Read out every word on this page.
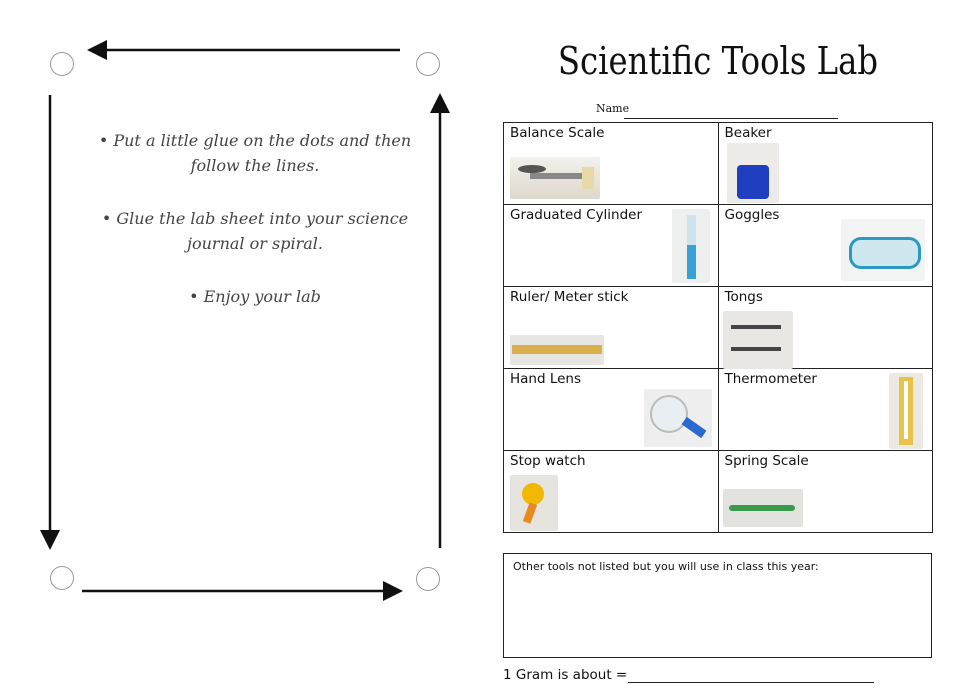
• Put a little glue on the dots and then follow the lines.
• Glue the lab sheet into your science journal or spiral.
• Enjoy your lab
Scientific Tools Lab
Name
Balance Scale	Beaker

Graduated Cylinder	Goggles

Ruler/ Meter stick	Tongs

Hand Lens	Thermometer

Stop watch	Spring Scale
Other tools not listed but you will use in class this year:
1 Gram is about =
